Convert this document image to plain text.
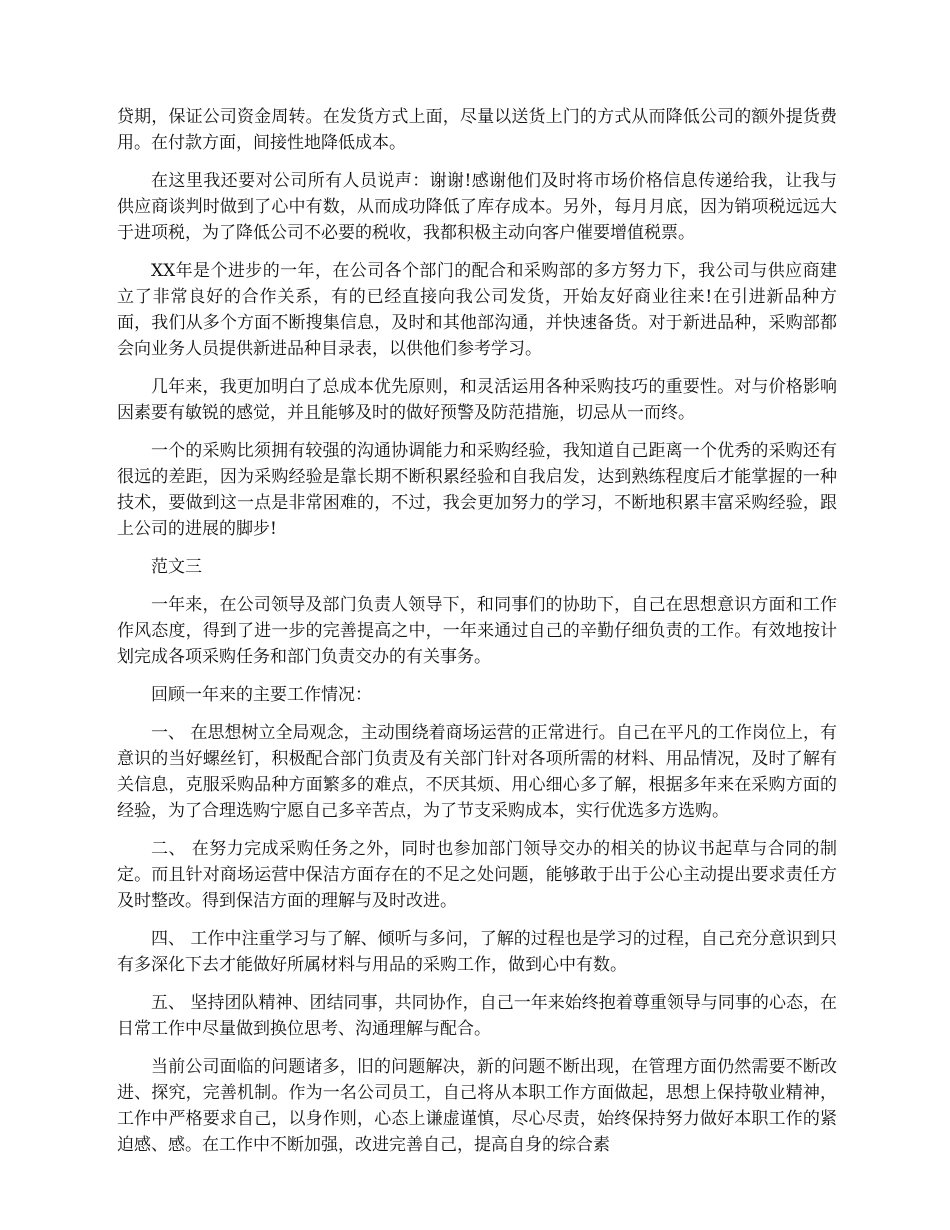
贷期，保证公司资金周转。在发货方式上面，尽量以送货上门的方式从而降低公司的额外提货费用。在付款方面，间接性地降低成本。

在这里我还要对公司所有人员说声：谢谢!感谢他们及时将市场价格信息传递给我，让我与供应商谈判时做到了心中有数，从而成功降低了库存成本。另外，每月月底，因为销项税远远大于进项税，为了降低公司不必要的税收，我都积极主动向客户催要增值税票。

XX年是个进步的一年，在公司各个部门的配合和采购部的多方努力下，我公司与供应商建立了非常良好的合作关系，有的已经直接向我公司发货，开始友好商业往来!在引进新品种方面，我们从多个方面不断搜集信息，及时和其他部沟通，并快速备货。对于新进品种，采购部都会向业务人员提供新进品种目录表，以供他们参考学习。

几年来，我更加明白了总成本优先原则，和灵活运用各种采购技巧的重要性。对与价格影响因素要有敏锐的感觉，并且能够及时的做好预警及防范措施，切忌从一而终。

一个的采购比须拥有较强的沟通协调能力和采购经验，我知道自己距离一个优秀的采购还有很远的差距，因为采购经验是靠长期不断积累经验和自我启发，达到熟练程度后才能掌握的一种技术，要做到这一点是非常困难的，不过，我会更加努力的学习，不断地积累丰富采购经验，跟上公司的进展的脚步!

范文三

一年来，在公司领导及部门负责人领导下，和同事们的协助下，自己在思想意识方面和工作作风态度，得到了进一步的完善提高之中，一年来通过自己的辛勤仔细负责的工作。有效地按计划完成各项采购任务和部门负责交办的有关事务。

回顾一年来的主要工作情况：

一、 在思想树立全局观念，主动围绕着商场运营的正常进行。自己在平凡的工作岗位上，有意识的当好螺丝钉，积极配合部门负责及有关部门针对各项所需的材料、用品情况，及时了解有关信息，克服采购品种方面繁多的难点，不厌其烦、用心细心多了解，根据多年来在采购方面的经验，为了合理选购宁愿自己多辛苦点，为了节支采购成本，实行优选多方选购。

二、 在努力完成采购任务之外，同时也参加部门领导交办的相关的协议书起草与合同的制定。而且针对商场运营中保洁方面存在的不足之处问题，能够敢于出于公心主动提出要求责任方及时整改。得到保洁方面的理解与及时改进。

四、 工作中注重学习与了解、倾听与多问，了解的过程也是学习的过程，自己充分意识到只有多深化下去才能做好所属材料与用品的采购工作，做到心中有数。

五、 坚持团队精神、团结同事，共同协作，自己一年来始终抱着尊重领导与同事的心态，在日常工作中尽量做到换位思考、沟通理解与配合。

当前公司面临的问题诸多，旧的问题解决，新的问题不断出现，在管理方面仍然需要不断改进、探究，完善机制。作为一名公司员工，自己将从本职工作方面做起，思想上保持敬业精神，工作中严格要求自己，以身作则，心态上谦虚谨慎，尽心尽责，始终保持努力做好本职工作的紧迫感、感。在工作中不断加强，改进完善自己，提高自身的综合素
